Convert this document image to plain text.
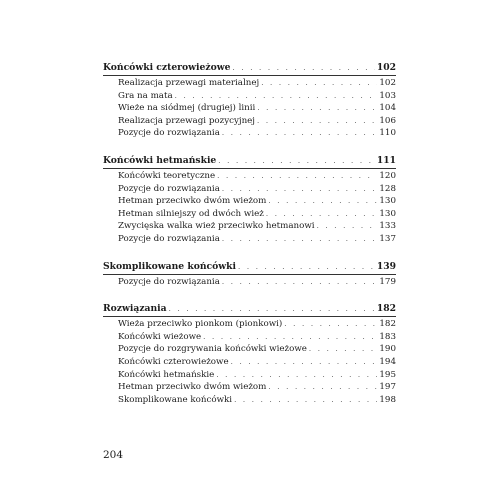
Końcówki czterowieżowe . . .	102
Realizacja przewagi materialnej . . .	102
Gra na mata . . .	103
Wieże na siódmej (drugiej) linii . . .	104
Realizacja przewagi pozycyjnej . . .	106
Pozycje do rozwiązania . . .	110
Końcówki hetmańskie . . .	111
Końcówki teoretyczne . . .	120
Pozycje do rozwiązania . . .	128
Hetman przeciwko dwóm wieżom . . .	130
Hetman silniejszy od dwóch wież . . .	130
Zwycięska walka wież przeciwko hetmanowi . . .	133
Pozycje do rozwiązania . . .	137
Skomplikowane końcówki . . .	139
Pozycje do rozwiązania . . .	179
Rozwiązania . . .	182
Wieża przeciwko pionkom (pionkowi) . . .	182
Końcówki wieżowe . . .	183
Pozycje do rozgrywania końcówki wieżowe . . .	190
Końcówki czterowieżowe . . .	194
Końcówki hetmańskie . . .	195
Hetman przeciwko dwóm wieżom . . .	197
Skomplikowane końcówki . . .	198
204
